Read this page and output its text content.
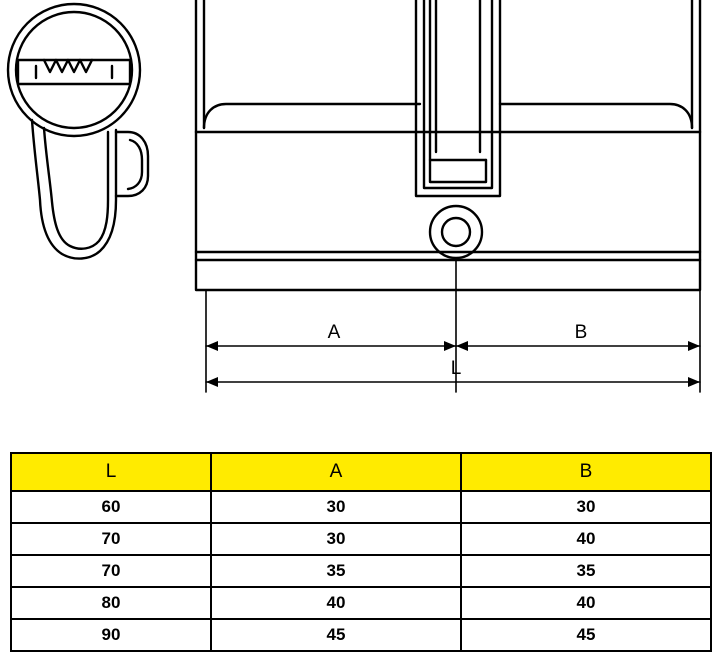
A	B
L
L	A	B
60	30	30
70	30	40
70	35	35
80	40	40
90	45	45
